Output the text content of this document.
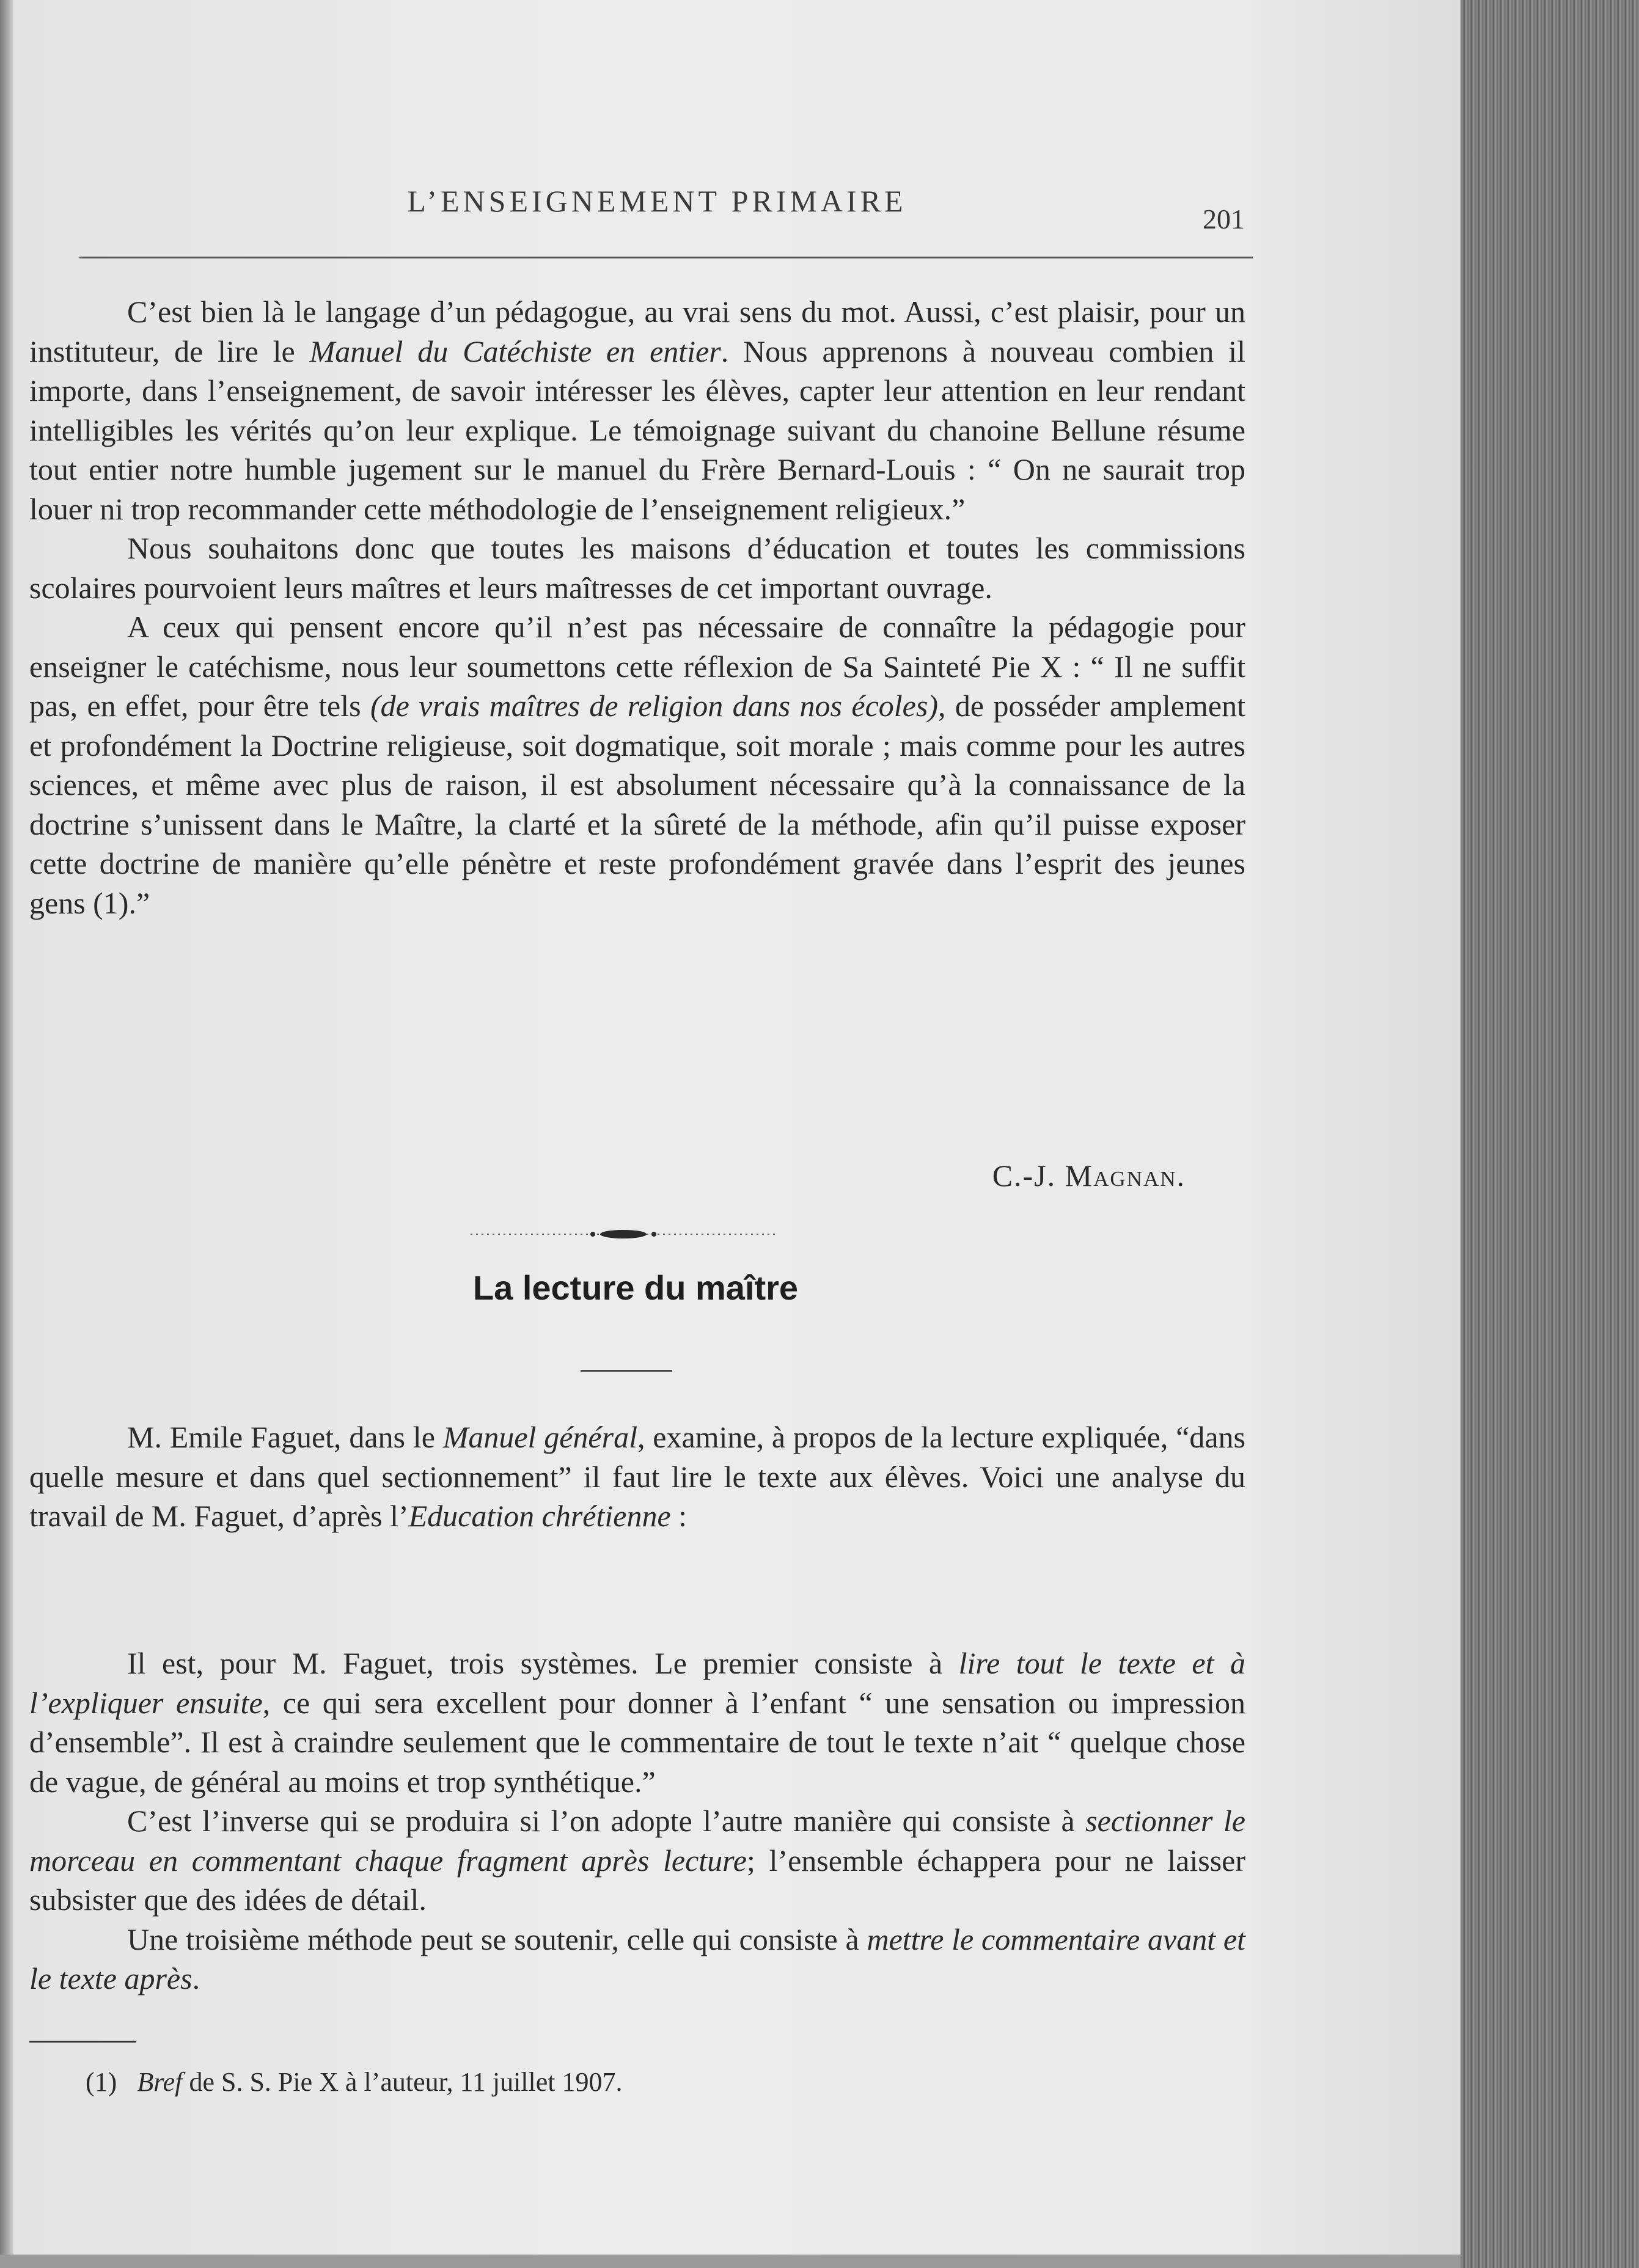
L’ENSEIGNEMENT PRIMAIRE
201

C’est bien là le langage d’un pédagogue, au vrai sens du mot. Aussi, c’est plaisir, pour un instituteur, de lire le Manuel du Catéchiste en entier. Nous apprenons à nouveau combien il importe, dans l’enseignement, de savoir intéresser les élèves, capter leur attention en leur rendant intelligibles les vérités qu’on leur explique. Le témoignage suivant du chanoine Bellune résume tout entier notre humble jugement sur le manuel du Frère Bernard-Louis : “ On ne saurait trop louer ni trop recommander cette méthodologie de l’enseignement religieux.”

Nous souhaitons donc que toutes les maisons d’éducation et toutes les commissions scolaires pourvoient leurs maîtres et leurs maîtresses de cet important ouvrage.

A ceux qui pensent encore qu’il n’est pas nécessaire de connaître la pédagogie pour enseigner le catéchisme, nous leur soumettons cette réflexion de Sa Sainteté Pie X : “ Il ne suffit pas, en effet, pour être tels (de vrais maîtres de religion dans nos écoles), de posséder amplement et profondément la Doctrine religieuse, soit dogmatique, soit morale ; mais comme pour les autres sciences, et même avec plus de raison, il est absolument nécessaire qu’à la connaissance de la doctrine s’unissent dans le Maître, la clarté et la sûreté de la méthode, afin qu’il puisse exposer cette doctrine de manière qu’elle pénètre et reste profondément gravée dans l’esprit des jeunes gens (1).”

C.-J. Magnan.
La lecture du maître

M. Emile Faguet, dans le Manuel général, examine, à propos de la lecture expliquée, “dans quelle mesure et dans quel sectionnement” il faut lire le texte aux élèves. Voici une analyse du travail de M. Faguet, d’après l’Education chrétienne :

Il est, pour M. Faguet, trois systèmes. Le premier consiste à lire tout le texte et à l’expliquer ensuite, ce qui sera excellent pour donner à l’enfant “ une sensation ou impression d’ensemble”. Il est à craindre seulement que le commentaire de tout le texte n’ait “ quelque chose de vague, de général au moins et trop synthétique.”

C’est l’inverse qui se produira si l’on adopte l’autre manière qui consiste à sectionner le morceau en commentant chaque fragment après lecture; l’ensemble échappera pour ne laisser subsister que des idées de détail.

Une troisième méthode peut se soutenir, celle qui consiste à mettre le commentaire avant et le texte après.

(1) Bref de S. S. Pie X à l’auteur, 11 juillet 1907.
